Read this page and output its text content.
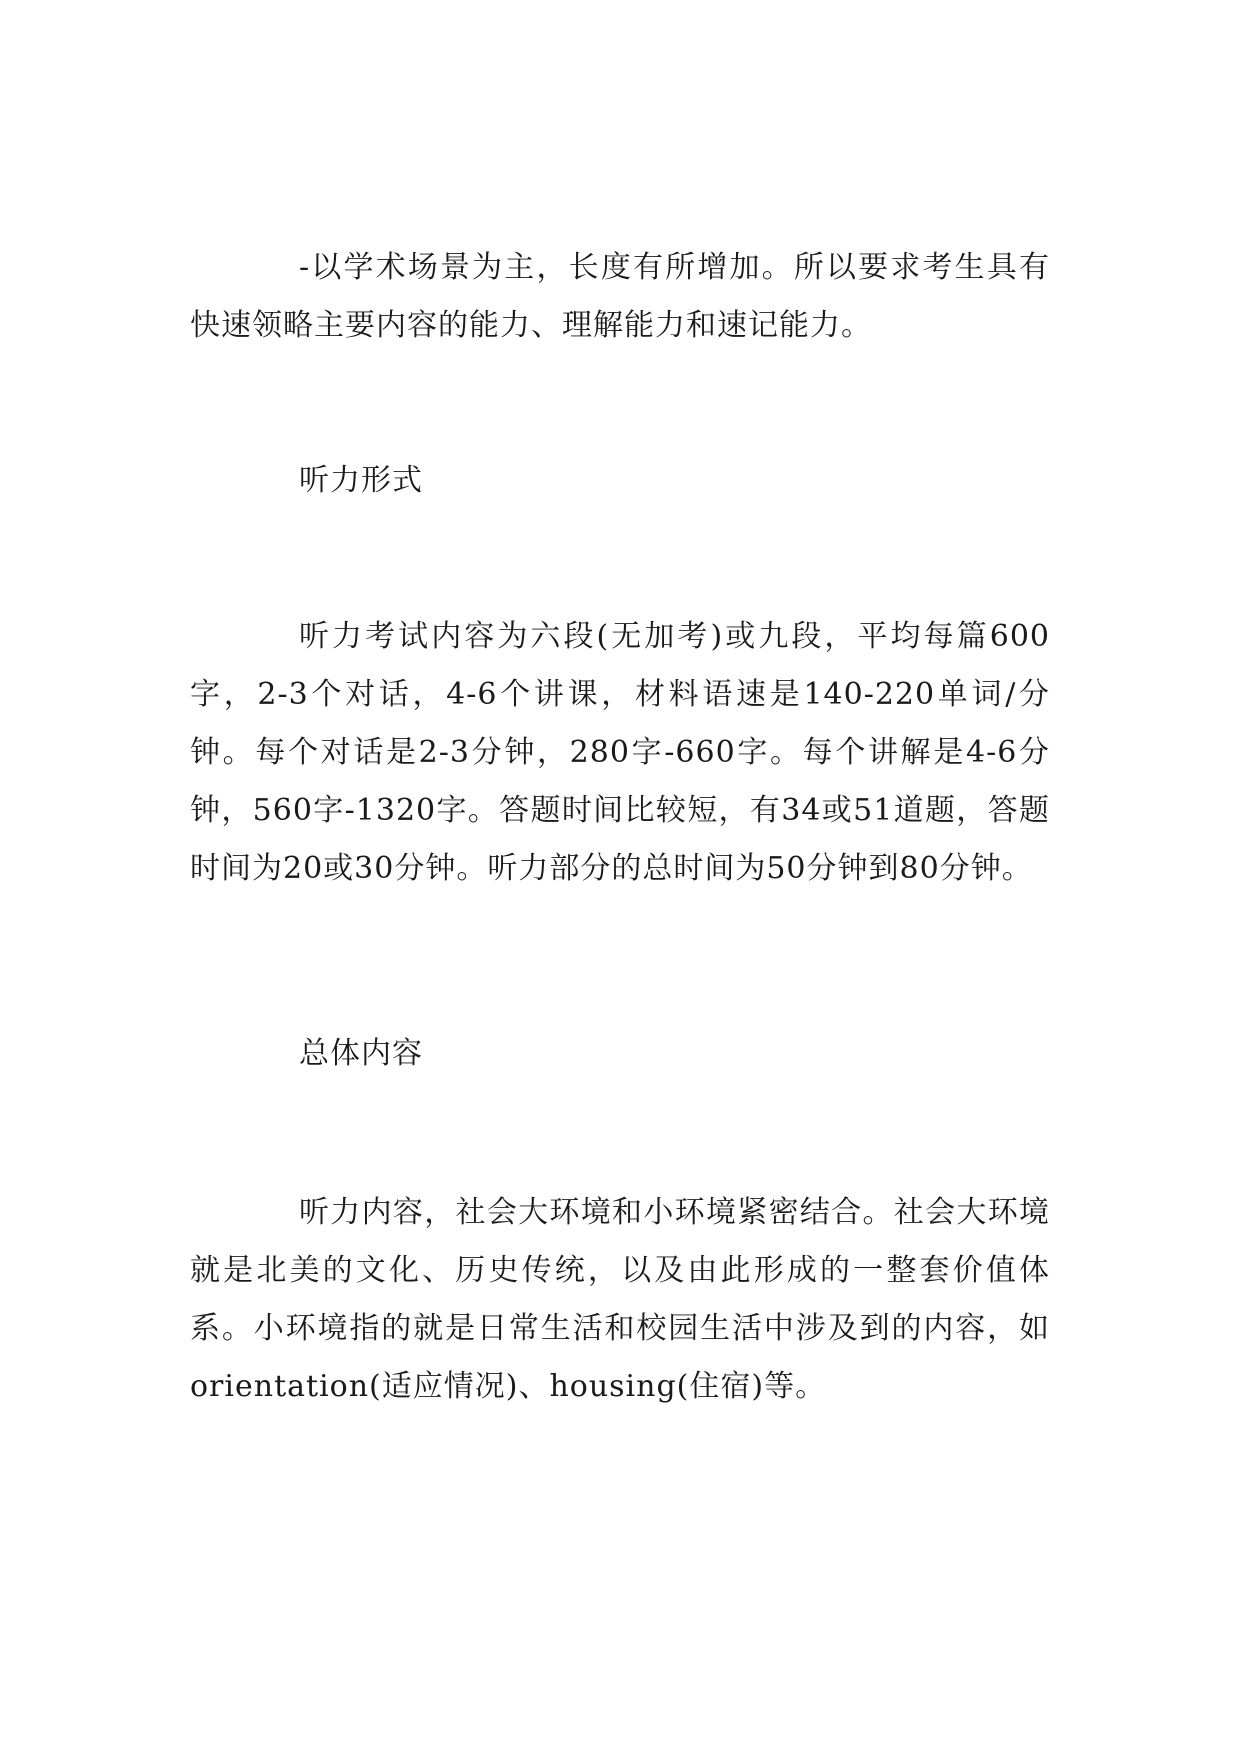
-以学术场景为主，长度有所增加。所以要求考生具有快速领略主要内容的能力、理解能力和速记能力。

听力形式

听力考试内容为六段(无加考)或九段，平均每篇600字，2-3个对话，4-6个讲课，材料语速是140-220单词/分钟。每个对话是2-3分钟，280字-660字。每个讲解是4-6分钟，560字-1320字。答题时间比较短，有34或51道题，答题时间为20或30分钟。听力部分的总时间为50分钟到80分钟。

总体内容

听力内容，社会大环境和小环境紧密结合。社会大环境就是北美的文化、历史传统，以及由此形成的一整套价值体系。小环境指的就是日常生活和校园生活中涉及到的内容，如orientation(适应情况)、housing(住宿)等。
